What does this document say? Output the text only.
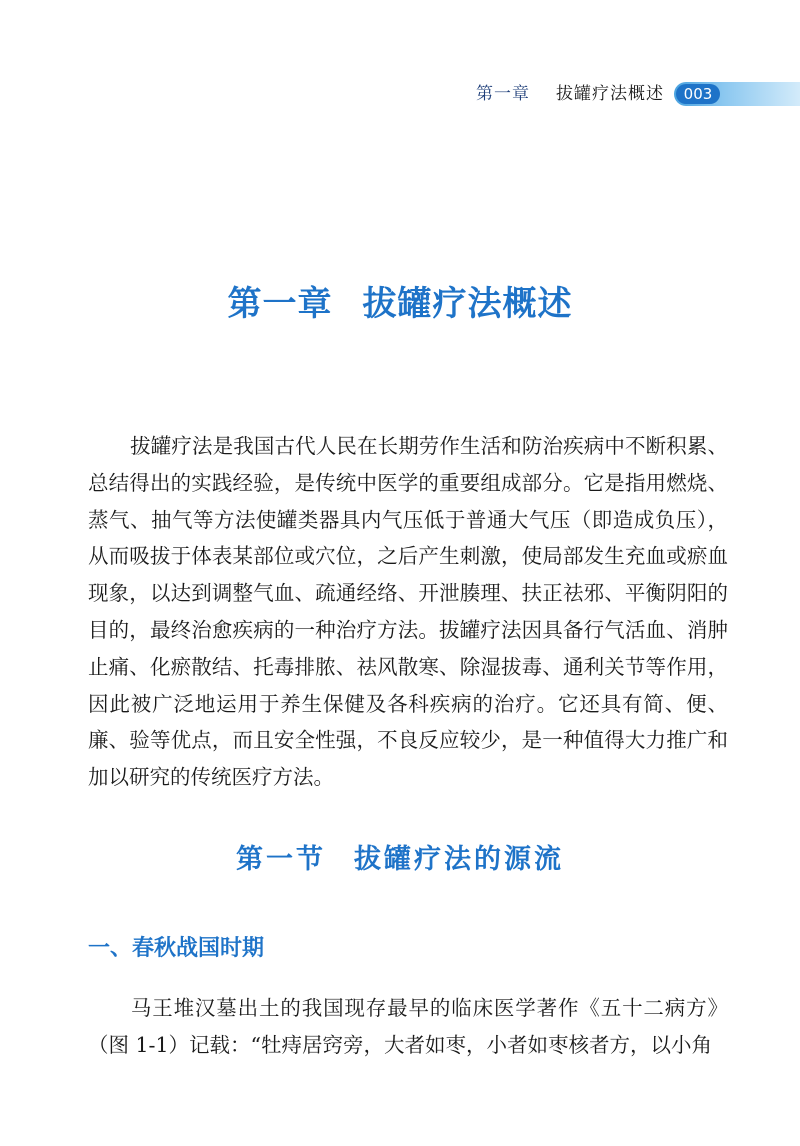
第一章 拔罐疗法概述	003
第一章 拔罐疗法概述
拔罐疗法是我国古代人民在长期劳作生活和防治疾病中不断积累、总结得出的实践经验，是传统中医学的重要组成部分。它是指用燃烧、蒸气、抽气等方法使罐类器具内气压低于普通大气压（即造成负压），从而吸拔于体表某部位或穴位，之后产生刺激，使局部发生充血或瘀血现象，以达到调整气血、疏通经络、开泄腠理、扶正祛邪、平衡阴阳的目的，最终治愈疾病的一种治疗方法。拔罐疗法因具备行气活血、消肿止痛、化瘀散结、托毒排脓、祛风散寒、除湿拔毒、通利关节等作用，因此被广泛地运用于养生保健及各科疾病的治疗。它还具有简、便、廉、验等优点，而且安全性强，不良反应较少，是一种值得大力推广和加以研究的传统医疗方法。
第一节 拔罐疗法的源流
一、春秋战国时期
马王堆汉墓出土的我国现存最早的临床医学著作《五十二病方》（图 1-1）记载：“牡痔居窍旁，大者如枣，小者如枣核者方，以小角
